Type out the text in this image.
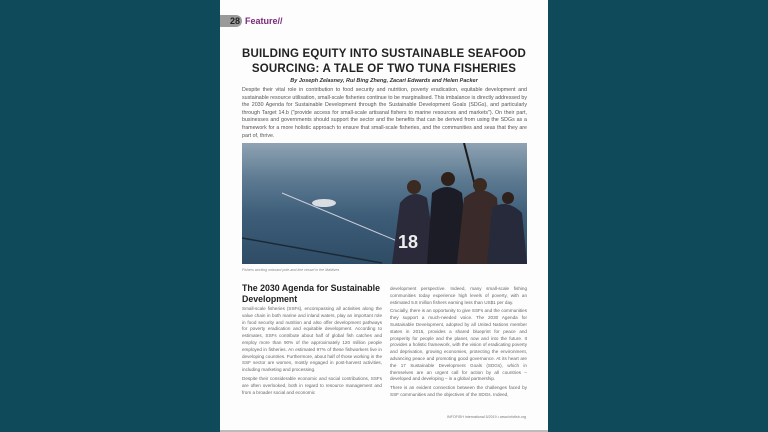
28 Feature//
BUILDING EQUITY INTO SUSTAINABLE SEAFOOD SOURCING: A TALE OF TWO TUNA FISHERIES
By Joseph Zelasney, Rui Bing Zheng, Zacari Edwards and Helen Packer
Despite their vital role in contribution to food security and nutrition, poverty eradication, equitable development and sustainable resource utilisation, small-scale fisheries continue to be marginalised. This imbalance is directly addressed by the 2030 Agenda for Sustainable Development through the Sustainable Development Goals (SDGs), and particularly through Target 14.b ("provide access for small-scale artisanal fishers to marine resources and markets"). On their part, businesses and governments should support the sector and the benefits that can be derived from using the SDGs as a framework for a more holistic approach to ensure that small-scale fisheries, and the communities and seas that they are part of, thrive.
18
Fishers working onboard pole-and-line vessel in the Maldives
The 2030 Agenda for Sustainable Development

Small-scale fisheries (SSFs), encompassing all activities along the value chain in both marine and inland waters, play an important role in food security and nutrition and also offer development pathways for poverty eradication and equitable development. According to estimates, SSFs contribute about half of global fish catches and employ more than 90% of the approximately 120 million people employed in fisheries. An estimated 97% of these fishworkers live in developing countries. Furthermore, about half of those working in the SSF sector are women, mostly engaged in post-harvest activities, including marketing and processing.

Despite their considerable economic and social contributions, SSFs are often overlooked, both in regard to resource management and from a broader social and economic

development perspective. Indeed, many small-scale fishing communities today experience high levels of poverty, with an estimated 5.8 million fishers earning less than US$1 per day.

Crucially, there is an opportunity to give SSFs and the communities they support a much-needed voice. The 2030 Agenda for Sustainable Development, adopted by all United Nations member states in 2015, provides a shared blueprint for peace and prosperity for people and the planet, now and into the future. It provides a holistic framework, with the vision of eradicating poverty and deprivation, growing economies, protecting the environment, advancing peace and promoting good governance. At its heart are the 17 Sustainable Development Goals (SDGs), which in themselves are an urgent call for action by all countries – developed and developing – in a global partnership.

There is an evident connection between the challenges faced by SSF communities and the objectives of the SDGs. Indeed,

INFOFISH International 5/2019 • www.infofish.org
